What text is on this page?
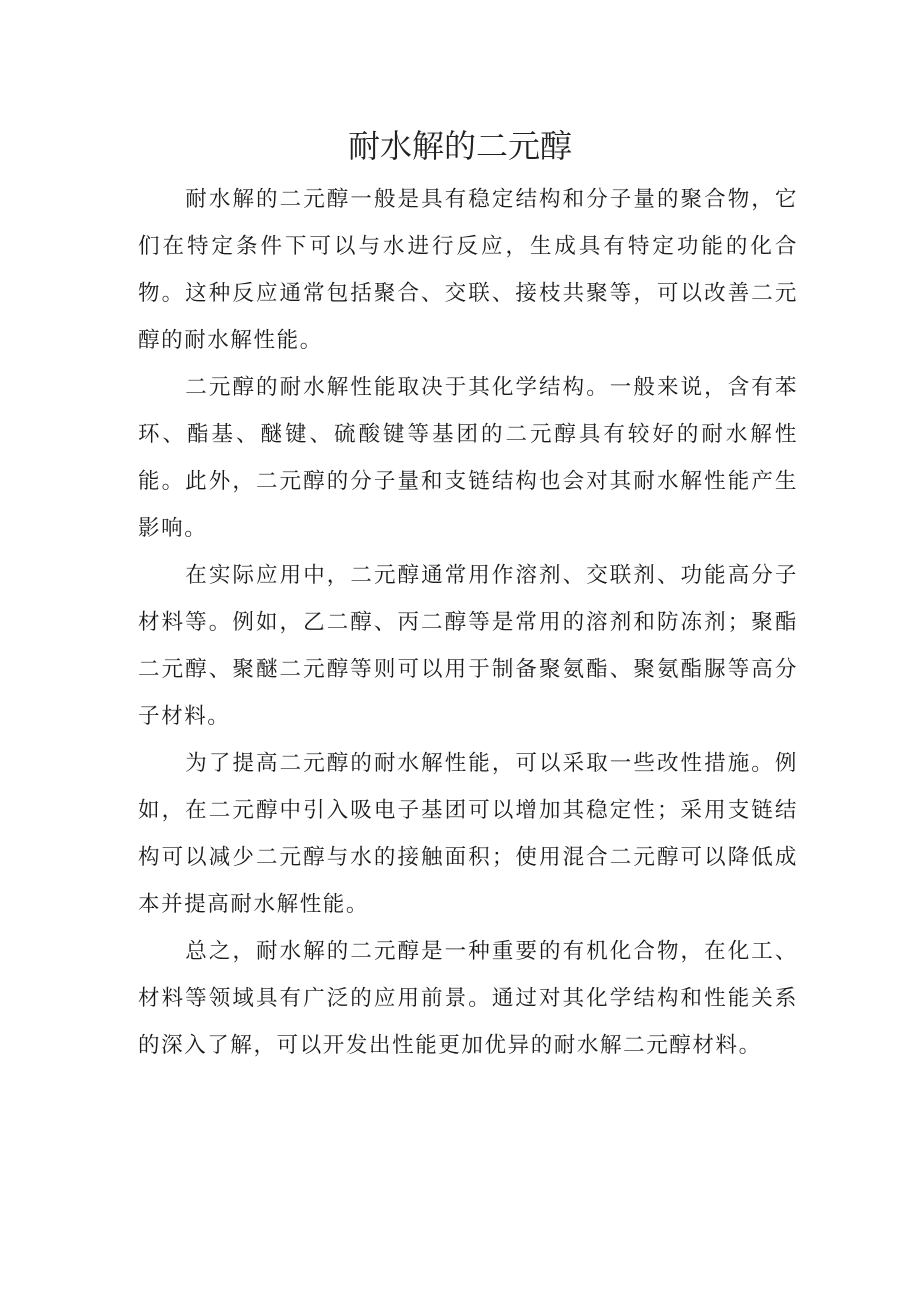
耐水解的二元醇

耐水解的二元醇一般是具有稳定结构和分子量的聚合物，它们在特定条件下可以与水进行反应，生成具有特定功能的化合物。这种反应通常包括聚合、交联、接枝共聚等，可以改善二元醇的耐水解性能。

二元醇的耐水解性能取决于其化学结构。一般来说，含有苯环、酯基、醚键、硫酸键等基团的二元醇具有较好的耐水解性能。此外，二元醇的分子量和支链结构也会对其耐水解性能产生影响。

在实际应用中，二元醇通常用作溶剂、交联剂、功能高分子材料等。例如，乙二醇、丙二醇等是常用的溶剂和防冻剂；聚酯二元醇、聚醚二元醇等则可以用于制备聚氨酯、聚氨酯脲等高分子材料。

为了提高二元醇的耐水解性能，可以采取一些改性措施。例如，在二元醇中引入吸电子基团可以增加其稳定性；采用支链结构可以减少二元醇与水的接触面积；使用混合二元醇可以降低成本并提高耐水解性能。

总之，耐水解的二元醇是一种重要的有机化合物，在化工、材料等领域具有广泛的应用前景。通过对其化学结构和性能关系的深入了解，可以开发出性能更加优异的耐水解二元醇材料。
